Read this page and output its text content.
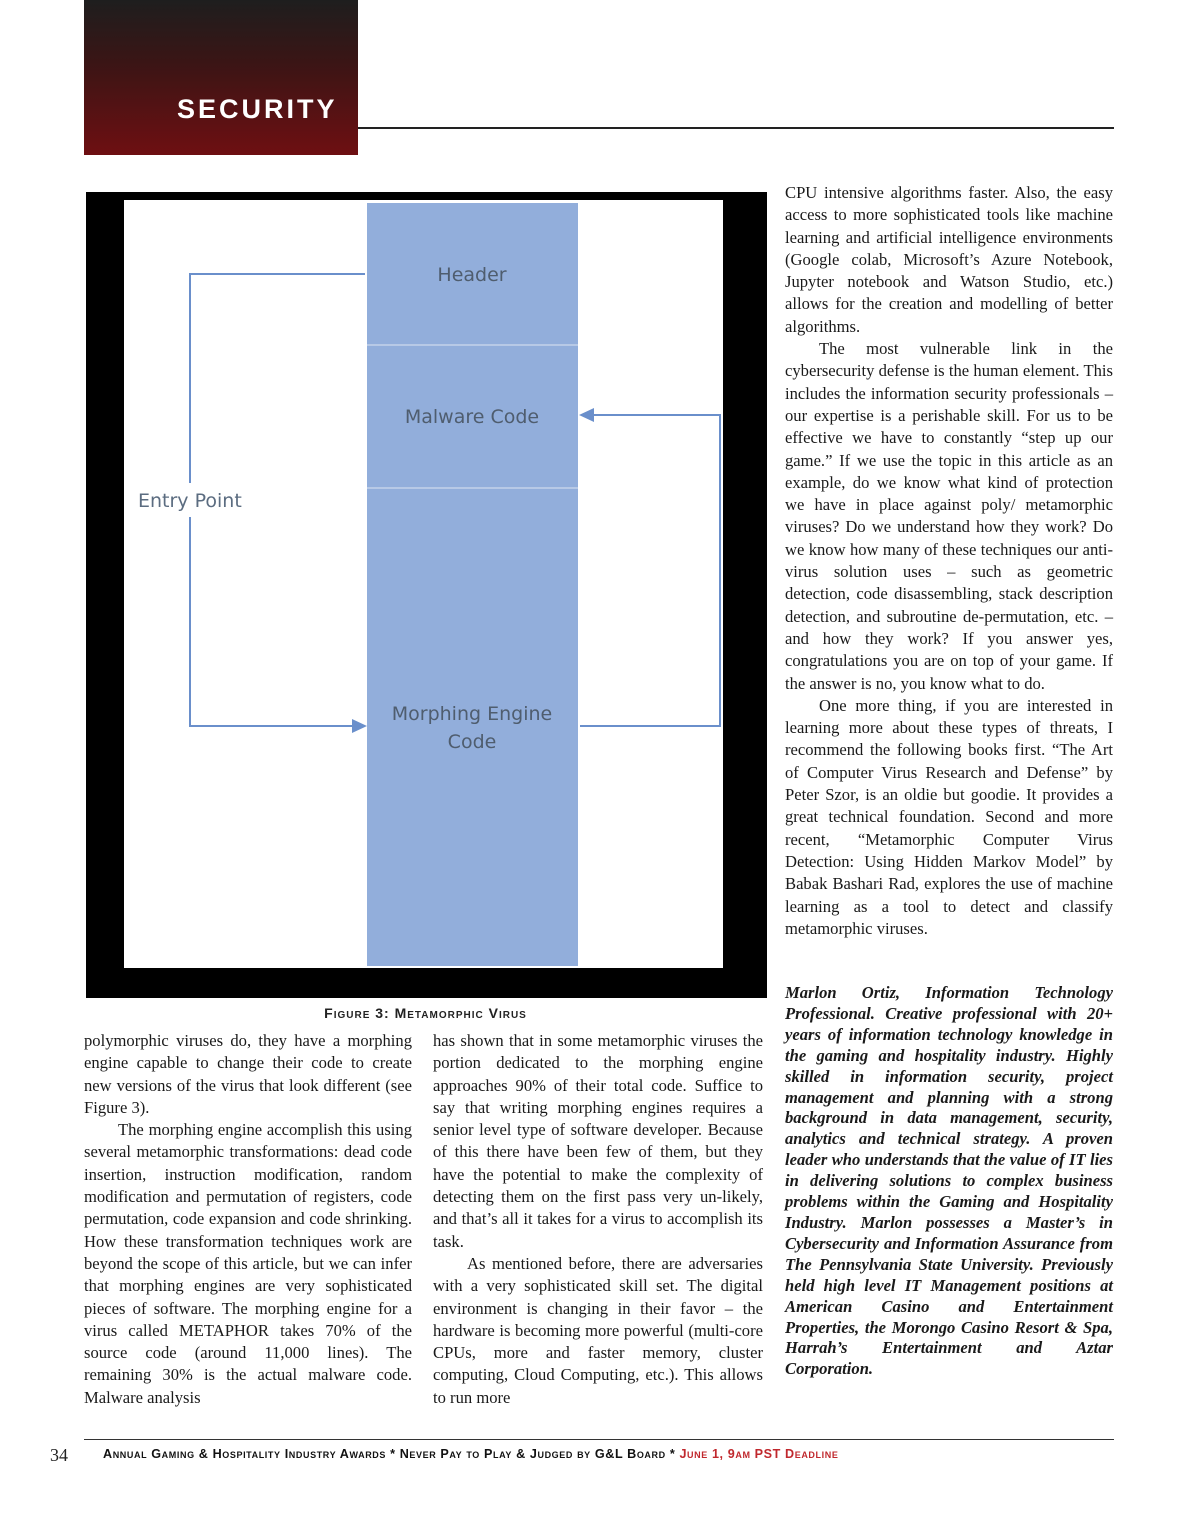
SECURITY
Header
Malware Code
Morphing Engine Code
Entry Point
Figure 3: Metamorphic Virus

polymorphic viruses do, they have a morphing engine capable to change their code to create new versions of the virus that look different (see Figure 3).

The morphing engine accomplish this using several metamorphic transformations: dead code insertion, instruction modification, random modification and permutation of registers, code permutation, code expansion and code shrinking. How these transformation techniques work are beyond the scope of this article, but we can infer that morphing engines are very sophisticated pieces of software. The morphing engine for a virus called METAPHOR takes 70% of the source code (around 11,000 lines). The remaining 30% is the actual malware code. Malware analysis

has shown that in some metamorphic viruses the portion dedicated to the morphing engine approaches 90% of their total code. Suffice to say that writing morphing engines requires a senior level type of software developer. Because of this there have been few of them, but they have the potential to make the complexity of detecting them on the first pass very un-likely, and that’s all it takes for a virus to accomplish its task.

As mentioned before, there are adversaries with a very sophisticated skill set. The digital environment is changing in their favor – the hardware is becoming more powerful (multi-core CPUs, more and faster memory, cluster computing, Cloud Computing, etc.). This allows to run more

CPU intensive algorithms faster. Also, the easy access to more sophisticated tools like machine learning and artificial intelligence environments (Google colab, Microsoft’s Azure Notebook, Jupyter notebook and Watson Studio, etc.) allows for the creation and modelling of better algorithms.

The most vulnerable link in the cybersecurity defense is the human element. This includes the information security professionals – our expertise is a perishable skill. For us to be effective we have to constantly “step up our game.” If we use the topic in this article as an example, do we know what kind of protection we have in place against poly/ metamorphic viruses? Do we understand how they work? Do we know how many of these techniques our anti-virus solution uses – such as geometric detection, code disassembling, stack description detection, and subroutine de-permutation, etc. – and how they work? If you answer yes, congratulations you are on top of your game. If the answer is no, you know what to do.

One more thing, if you are interested in learning more about these types of threats, I recommend the following books first. “The Art of Computer Virus Research and Defense” by Peter Szor, is an oldie but goodie. It provides a great technical foundation. Second and more recent, “Metamorphic Computer Virus Detection: Using Hidden Markov Model” by Babak Bashari Rad, explores the use of machine learning as a tool to detect and classify metamorphic viruses.

Marlon Ortiz, Information Technology Professional. Creative professional with 20+ years of information technology knowledge in the gaming and hospitality industry. Highly skilled in information security, project management and planning with a strong background in data management, security, analytics and technical strategy. A proven leader who understands that the value of IT lies in delivering solutions to complex business problems within the Gaming and Hospitality Industry. Marlon possesses a Master’s in Cybersecurity and Information Assurance from The Pennsylvania State University. Previously held high level IT Management positions at American Casino and Entertainment Properties, the Morongo Casino Resort & Spa, Harrah’s Entertainment and Aztar Corporation.
34	Annual Gaming & Hospitality Industry Awards * Never Pay to Play & Judged by G&L Board * June 1, 9am PST Deadline
